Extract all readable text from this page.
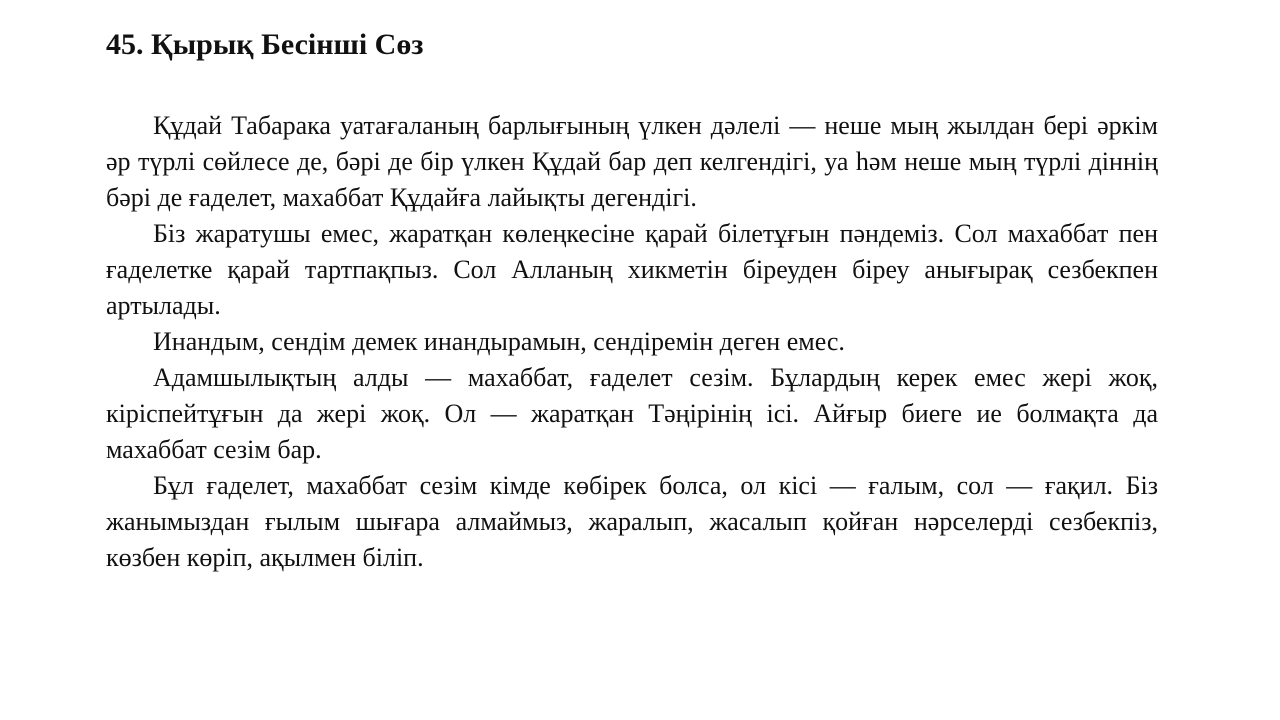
45. Қырық Бесінші Сөз

Құдай Табарака уатағаланың барлығының үлкен дәлелі — неше мың жылдан бері әркім әр түрлі сөйлесе де, бәрі де бір үлкен Құдай бар деп келгендігі, уа һәм неше мың түрлі діннің бәрі де ғаделет, махаббат Құдайға лайықты дегендігі.

Біз жаратушы емес, жаратқан көлеңкесіне қарай білетұғын пәндеміз. Сол махаббат пен ғаделетке қарай тартпақпыз. Сол Алланың хикметін біреуден біреу анығырақ сезбекпен артылады.

Инандым, сендім демек инандырамын, сендіремін деген емес.

Адамшылықтың алды — махаббат, ғаделет сезім. Бұлардың керек емес жері жоқ, кіріспейтұғын да жері жоқ. Ол — жаратқан Тәңірінің ісі. Айғыр биеге ие болмақта да махаббат сезім бар.

Бұл ғаделет, махаббат сезім кімде көбірек болса, ол кісі — ғалым, сол — ғақил. Біз жанымыздан ғылым шығара алмаймыз, жаралып, жасалып қойған нәрселерді сезбекпіз, көзбен көріп, ақылмен біліп.
